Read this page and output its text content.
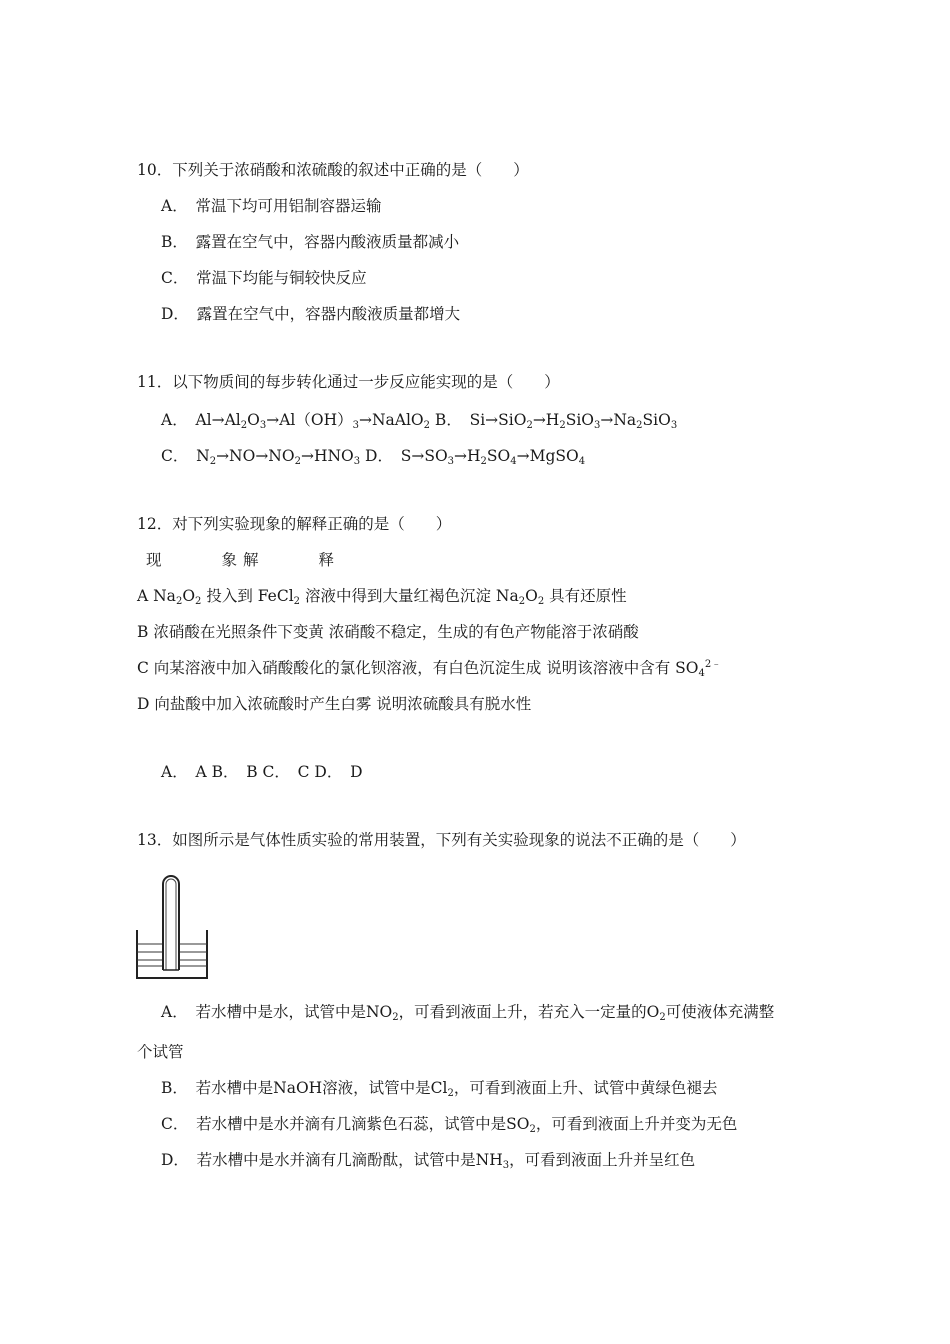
10．下列关于浓硝酸和浓硫酸的叙述中正确的是（　　）
A．　常温下均可用铝制容器运输
B．　露置在空气中，容器内酸液质量都减小
C．　常温下均能与铜较快反应
D．　露置在空气中，容器内酸液质量都增大
11．以下物质间的每步转化通过一步反应能实现的是（　　）
A．　$Al\to Al_2O_3\to Al(OH)_3\to NaAlO_2$ B．　$Si\to SiO_2\to H_2SiO_3\to Na_2SiO_3$
C．　$N_2\to NO\to NO_2\to HNO_3$ D．　$S\to SO_3\to H_2SO_4\to MgSO_4$
12．对下列实验现象的解释正确的是（　　）
现	象 解	释
A $Na_2O_2$ 投入到 FeCl$_2$ 溶液中得到大量红褐色沉淀 $Na_2O_2$ 具有还原性
B 浓硝酸在光照条件下变黄 浓硝酸不稳定，生成的有色产物能溶于浓硝酸
C 向某溶液中加入硝酸酸化的氯化钡溶液，有白色沉淀生成 说明该溶液中含有 $SO_4^{2﹣}$
D 向盐酸中加入浓硫酸时产生白雾 说明浓硫酸具有脱水性
A．　A B．　B C．　C D．　D
13．如图所示是气体性质实验的常用装置，下列有关实验现象的说法不正确的是（　　）
A．　若水槽中是水，试管中是$NO_2$，可看到液面上升，若充入一定量的$O_2$可使液体充满整
个试管
B．　若水槽中是NaOH溶液，试管中是$Cl_2$，可看到液面上升、试管中黄绿色褪去
C．　若水槽中是水并滴有几滴紫色石蕊，试管中是$SO_2$，可看到液面上升并变为无色
D．　若水槽中是水并滴有几滴酚酞，试管中是$NH_3$，可看到液面上升并呈红色
